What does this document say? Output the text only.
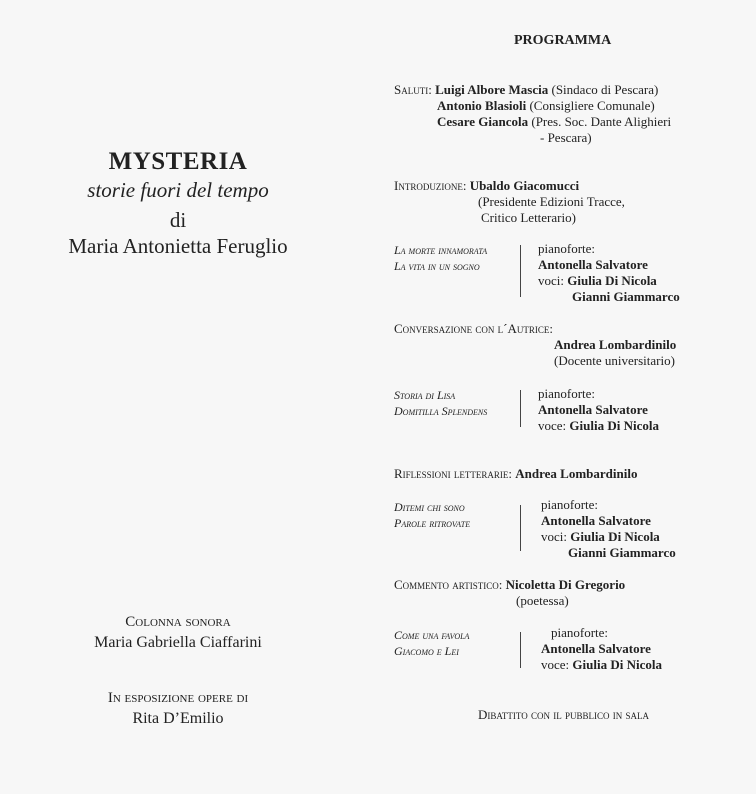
MYSTERIA
storie fuori del tempo
di
Maria Antonietta Feruglio
Colonna sonora
Maria Gabriella Ciaffarini
In esposizione opere di
Rita D’Emilio
PROGRAMMA
Saluti: Luigi Albore Mascia (Sindaco di Pescara)
Antonio Blasioli (Consigliere Comunale)
Cesare Giancola (Pres. Soc. Dante Alighieri
- Pescara)
Introduzione: Ubaldo Giacomucci
(Presidente Edizioni Tracce,
Critico Letterario)
La morte innamorata
La vita in un sogno
pianoforte:
Antonella Salvatore
voci: Giulia Di Nicola
Gianni Giammarco
Conversazione con l´Autrice:
Andrea Lombardinilo
(Docente universitario)
Storia di Lisa
Domitilla Splendens
pianoforte:
Antonella Salvatore
voce: Giulia Di Nicola
Riflessioni letterarie: Andrea Lombardinilo
Ditemi chi sono
Parole ritrovate
pianoforte:
Antonella Salvatore
voci: Giulia Di Nicola
Gianni Giammarco
Commento artistico: Nicoletta Di Gregorio
(poetessa)
Come una favola
Giacomo e Lei
pianoforte:
Antonella Salvatore
voce: Giulia Di Nicola
Dibattito con il pubblico in sala
